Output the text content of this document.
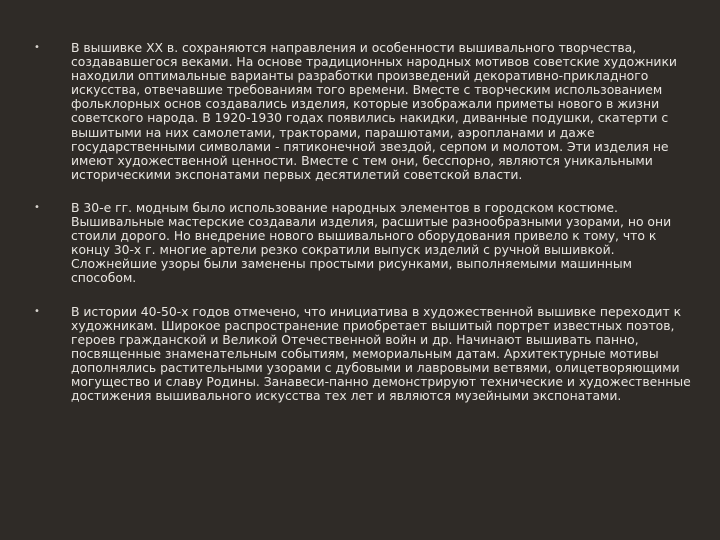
•	В вышивке XX в. сохраняются направления и особенности вышивального творчества, создававшегося веками. На основе традиционных народных мотивов советские художники находили оптимальные варианты разработки произведений декоративно-прикладного искусства, отвечавшие требованиям того времени. Вместе с творческим использованием фольклорных основ создавались изделия, которые изображали приметы нового в жизни советского народа. В 1920-1930 годах появились накидки, диванные подушки, скатерти с вышитыми на них самолетами, тракторами, парашютами, аэропланами и даже государственными символами - пятиконечной звездой, серпом и молотом. Эти изделия не имеют художественной ценности. Вместе с тем они, бесспорно, являются уникальными историческими экспонатами первых десятилетий советской власти.
•	В 30-е гг. модным было использование народных элементов в городском костюме. Вышивальные мастерские создавали изделия, расшитые разнообразными узорами, но они стоили дорого. Но внедрение нового вышивального оборудования привело к тому, что к концу 30-х г. многие артели резко сократили выпуск изделий с ручной вышивкой. Сложнейшие узоры были заменены простыми рисунками, выполняемыми машинным способом.
•	В истории 40-50-х годов отмечено, что инициатива в художественной вышивке переходит к художникам. Широкое распространение приобретает вышитый портрет известных поэтов, героев гражданской и Великой Отечественной войн и др. Начинают вышивать панно, посвященные знаменательным событиям, мемориальным датам. Архитектурные мотивы дополнялись растительными узорами с дубовыми и лавровыми ветвями, олицетворяющими могущество и славу Родины. Занавеси-панно демонстрируют технические и художественные достижения вышивального искусства тех лет и являются музейными экспонатами.
